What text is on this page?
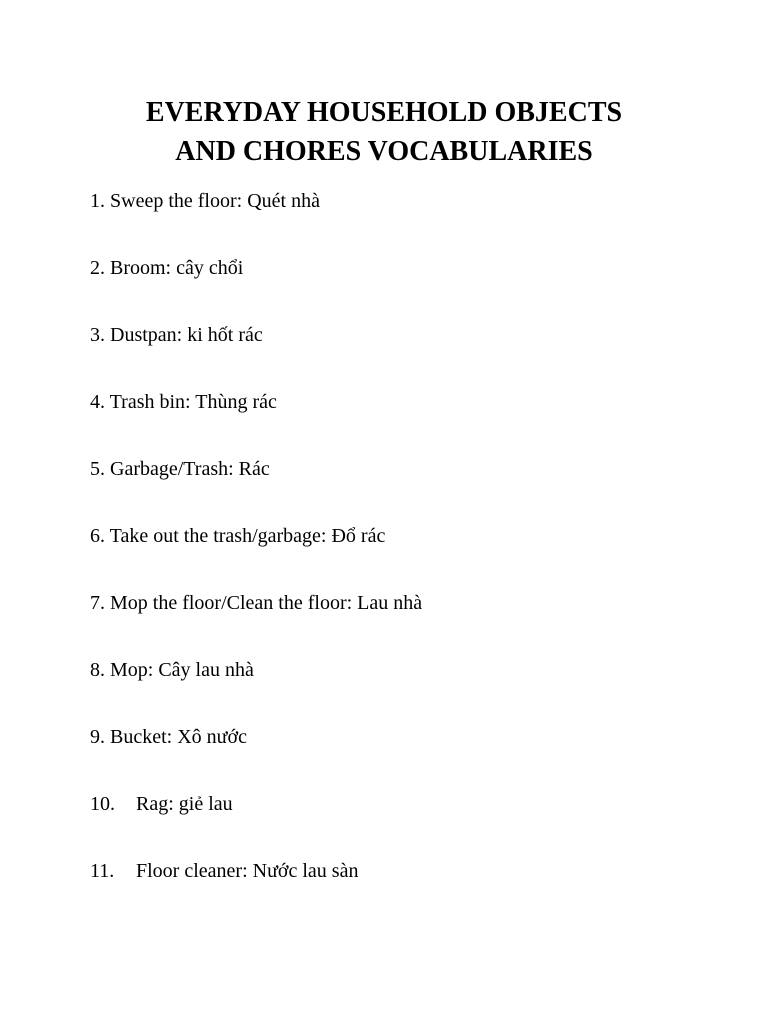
EVERYDAY HOUSEHOLD OBJECTS
AND CHORES VOCABULARIES
1. Sweep the floor: Quét nhà
2. Broom: cây chổi
3. Dustpan: ki hốt rác
4. Trash bin: Thùng rác
5. Garbage/Trash: Rác
6. Take out the trash/garbage: Đổ rác
7. Mop the floor/Clean the floor: Lau nhà
8. Mop: Cây lau nhà
9. Bucket: Xô nước
10. Rag: giẻ lau
11. Floor cleaner: Nước lau sàn
